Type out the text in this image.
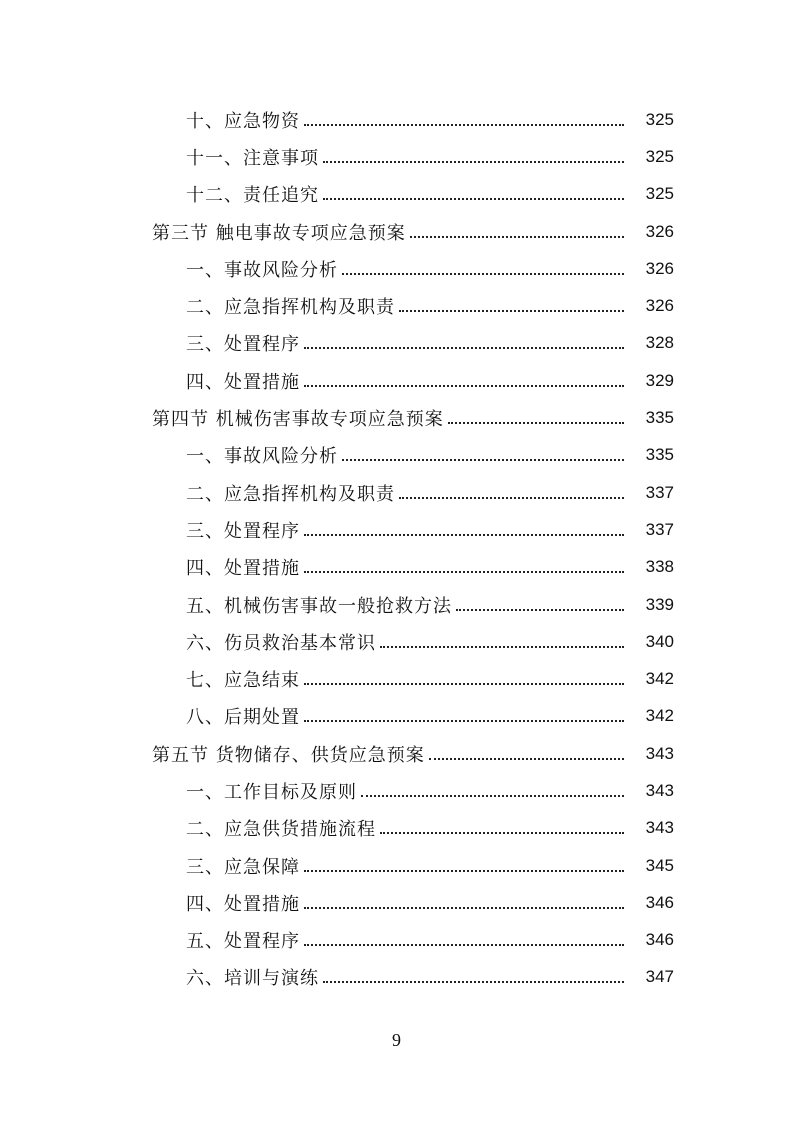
十、应急物资	325
十一、注意事项	325
十二、责任追究	325
第三节 触电事故专项应急预案	326
一、事故风险分析	326
二、应急指挥机构及职责	326
三、处置程序	328
四、处置措施	329
第四节 机械伤害事故专项应急预案	335
一、事故风险分析	335
二、应急指挥机构及职责	337
三、处置程序	337
四、处置措施	338
五、机械伤害事故一般抢救方法	339
六、伤员救治基本常识	340
七、应急结束	342
八、后期处置	342
第五节 货物储存、供货应急预案	343
一、工作目标及原则	343
二、应急供货措施流程	343
三、应急保障	345
四、处置措施	346
五、处置程序	346
六、培训与演练	347
9
